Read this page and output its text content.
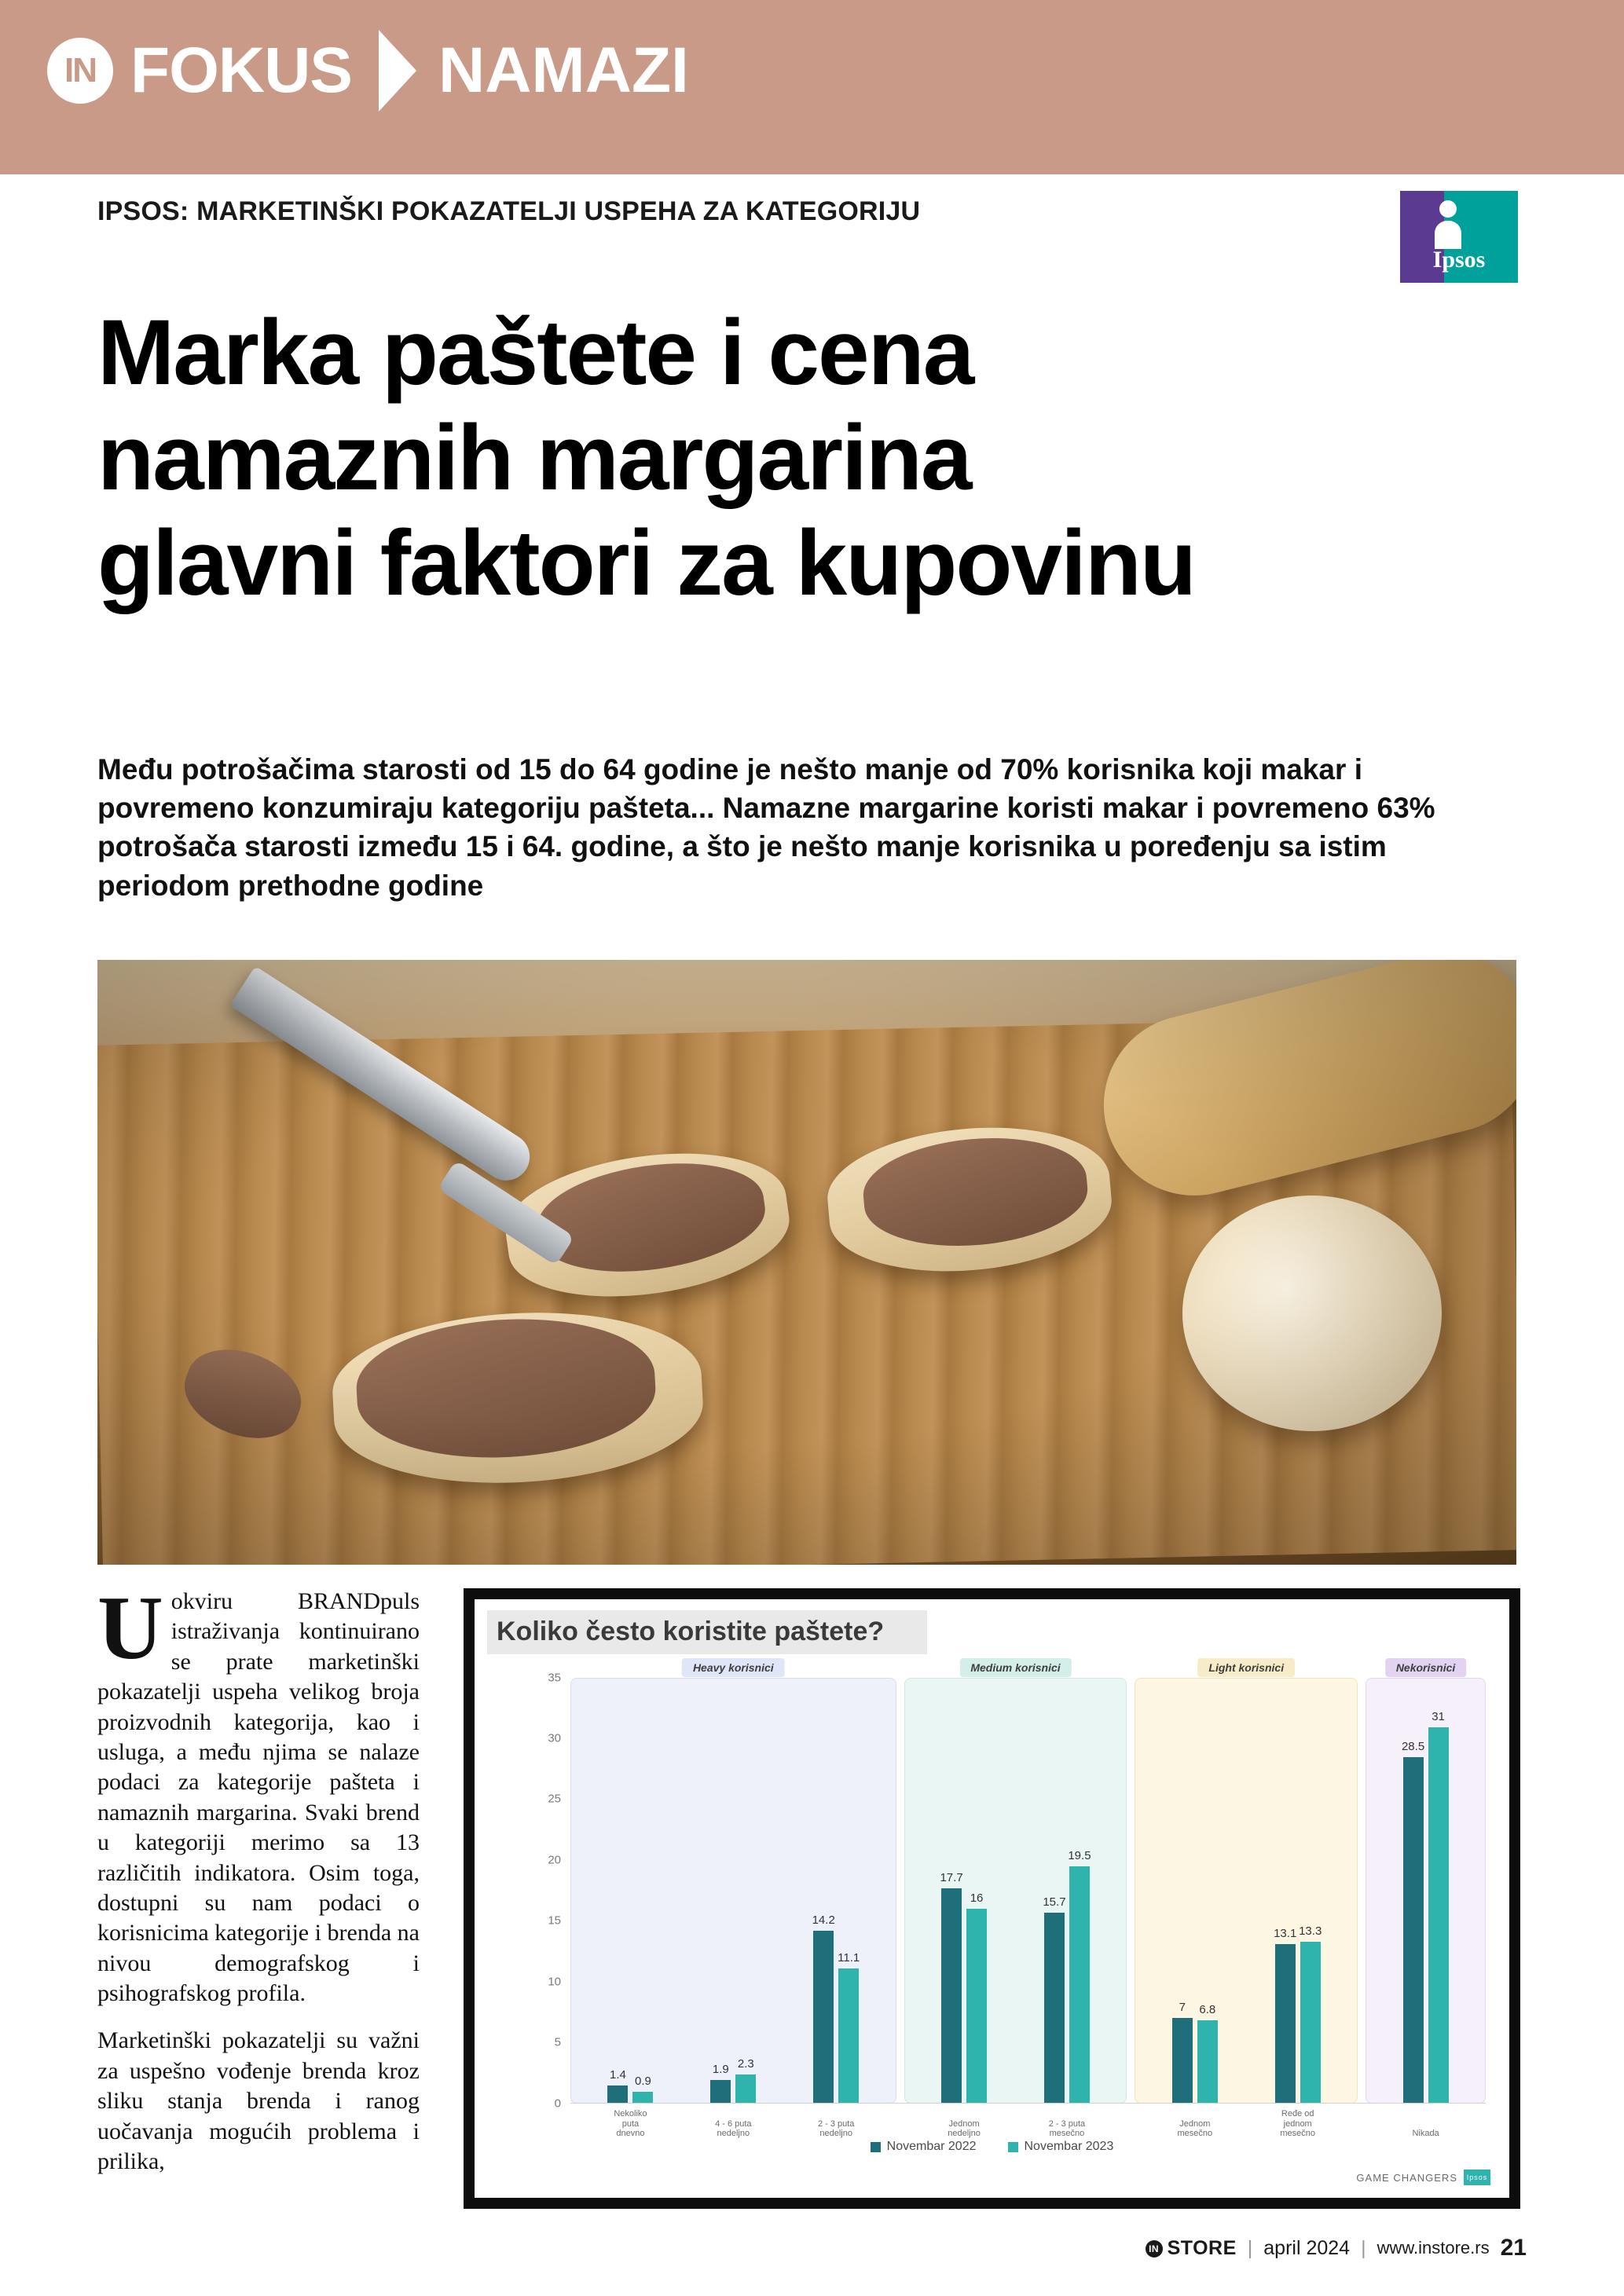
IN FOKUS NAMAZI
IPSOS: MARKETINŠKI POKAZATELJI USPEHA ZA KATEGORIJU
Ipsos
Marka paštete i cena
namaznih margarina
glavni faktori za kupovinu
Među potrošačima starosti od 15 do 64 godine je nešto manje od 70% korisnika koji makar i povremeno konzumiraju kategoriju pašteta... Namazne margarine koristi makar i povremeno 63% potrošača starosti između 15 i 64. godine, a što je nešto manje korisnika u poređenju sa istim periodom prethodne godine

Uokviru BRANDpuls istraživanja kontinuirano se prate marketinški pokazatelji uspeha velikog broja proizvodnih kategorija, kao i usluga, a među njima se nalaze podaci za kategorije pašteta i namaznih margarina. Svaki brend u kategoriji merimo sa 13 različitih indikatora. Osim toga, dostupni su nam podaci o korisnicima kategorije i brenda na nivou demografskog i psihografskog profila.

Marketinški pokazatelji su važni za uspešno vođenje brenda kroz sliku stanja brenda i ranog uočavanja mogućih problema i prilika,

Koliko često koristite paštete?
0
5
10
15
20
25
30
35
Heavy korisnici
1.4 0.9
Nekoliko puta dnevno
1.9 2.3
4 - 6 puta nedeljno
14.2
11.1
2 - 3 puta nedeljno
Medium korisnici
17.7
16
Jednom nedeljno
15.7
19.5
2 - 3 puta mesečno
Light korisnici
7 6.8
Jednom mesečno
13.1 13.3
Ređe od jednom mesečno
Nekorisnici
28.5
31
Nikada
Novembar 2022	Novembar 2023
GAME CHANGERS	Ipsos
IN STORE | april 2024 | www.instore.rs 21
